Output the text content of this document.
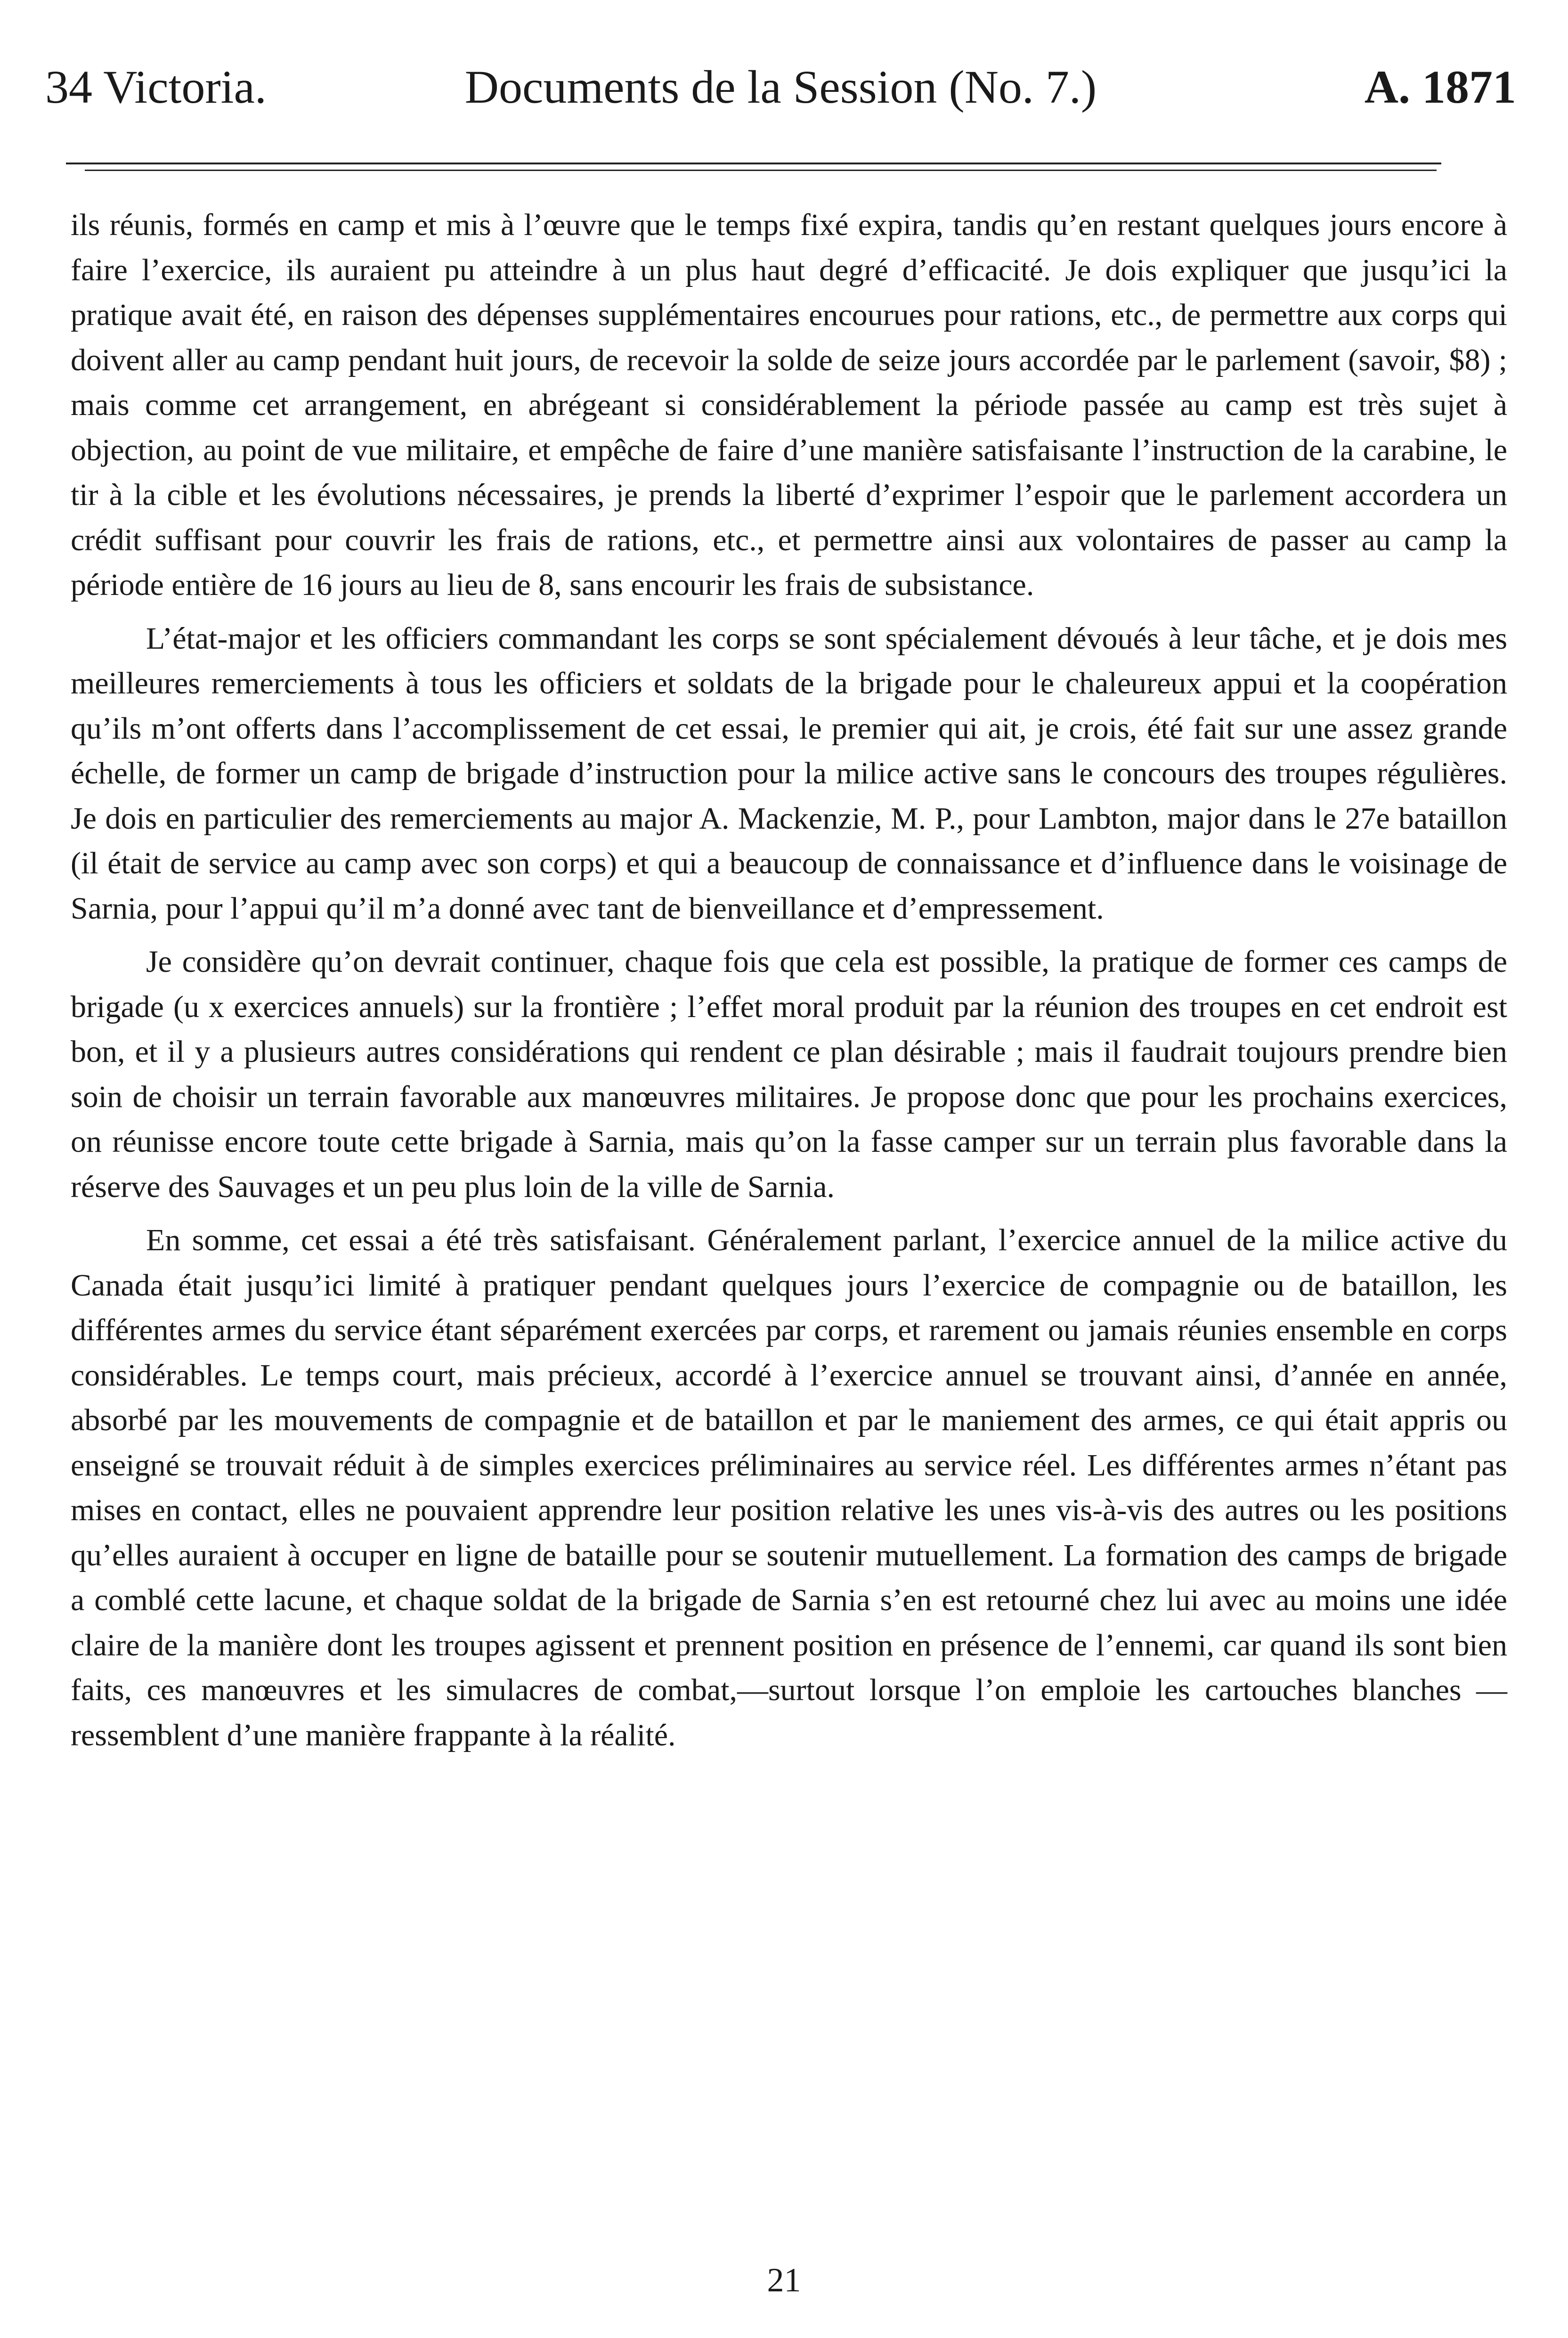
34 Victoria.	Documents de la Session (No. 7.)	A. 1871

ils réunis, formés en camp et mis à l’œuvre que le temps fixé expira, tandis qu’en restant quelques jours encore à faire l’exercice, ils auraient pu atteindre à un plus haut degré d’efficacité. Je dois expliquer que jusqu’ici la pratique avait été, en raison des dépenses supplémentaires encourues pour rations, etc., de permettre aux corps qui doivent aller au camp pendant huit jours, de recevoir la solde de seize jours accordée par le parlement (savoir, $8) ; mais comme cet arrangement, en abrégeant si considérablement la période passée au camp est très sujet à objection, au point de vue militaire, et empêche de faire d’une manière satisfaisante l’instruction de la carabine, le tir à la cible et les évolutions nécessaires, je prends la liberté d’exprimer l’espoir que le parlement accordera un crédit suffisant pour couvrir les frais de rations, etc., et permettre ainsi aux volontaires de passer au camp la période entière de 16 jours au lieu de 8, sans encourir les frais de subsistance.

L’état-major et les officiers commandant les corps se sont spécialement dévoués à leur tâche, et je dois mes meilleures remerciements à tous les officiers et soldats de la brigade pour le chaleureux appui et la coopération qu’ils m’ont offerts dans l’accomplissement de cet essai, le premier qui ait, je crois, été fait sur une assez grande échelle, de former un camp de brigade d’instruction pour la milice active sans le concours des troupes régulières. Je dois en particulier des remerciements au major A. Mackenzie, M. P., pour Lambton, major dans le 27e bataillon (il était de service au camp avec son corps) et qui a beaucoup de connaissance et d’influence dans le voisinage de Sarnia, pour l’appui qu’il m’a donné avec tant de bienveillance et d’empressement.

Je considère qu’on devrait continuer, chaque fois que cela est possible, la pratique de former ces camps de brigade (u x exercices annuels) sur la frontière ; l’effet moral produit par la réunion des troupes en cet endroit est bon, et il y a plusieurs autres considérations qui rendent ce plan désirable ; mais il faudrait toujours prendre bien soin de choisir un terrain favorable aux manœuvres militaires. Je propose donc que pour les prochains exercices, on réunisse encore toute cette brigade à Sarnia, mais qu’on la fasse camper sur un terrain plus favorable dans la réserve des Sauvages et un peu plus loin de la ville de Sarnia.

En somme, cet essai a été très satisfaisant. Généralement parlant, l’exercice annuel de la milice active du Canada était jusqu’ici limité à pratiquer pendant quelques jours l’exercice de compagnie ou de bataillon, les différentes armes du service étant séparément exercées par corps, et rarement ou jamais réunies ensemble en corps considérables. Le temps court, mais précieux, accordé à l’exercice annuel se trouvant ainsi, d’année en année, absorbé par les mouvements de compagnie et de bataillon et par le maniement des armes, ce qui était appris ou enseigné se trouvait réduit à de simples exercices préliminaires au service réel. Les différentes armes n’étant pas mises en contact, elles ne pouvaient apprendre leur position relative les unes vis-à-vis des autres ou les positions qu’elles auraient à occuper en ligne de bataille pour se soutenir mutuellement. La formation des camps de brigade a comblé cette lacune, et chaque soldat de la brigade de Sarnia s’en est retourné chez lui avec au moins une idée claire de la manière dont les troupes agissent et prennent position en présence de l’ennemi, car quand ils sont bien faits, ces manœuvres et les simulacres de combat,—surtout lorsque l’on emploie les cartouches blanches —ressemblent d’une manière frappante à la réalité.

21
